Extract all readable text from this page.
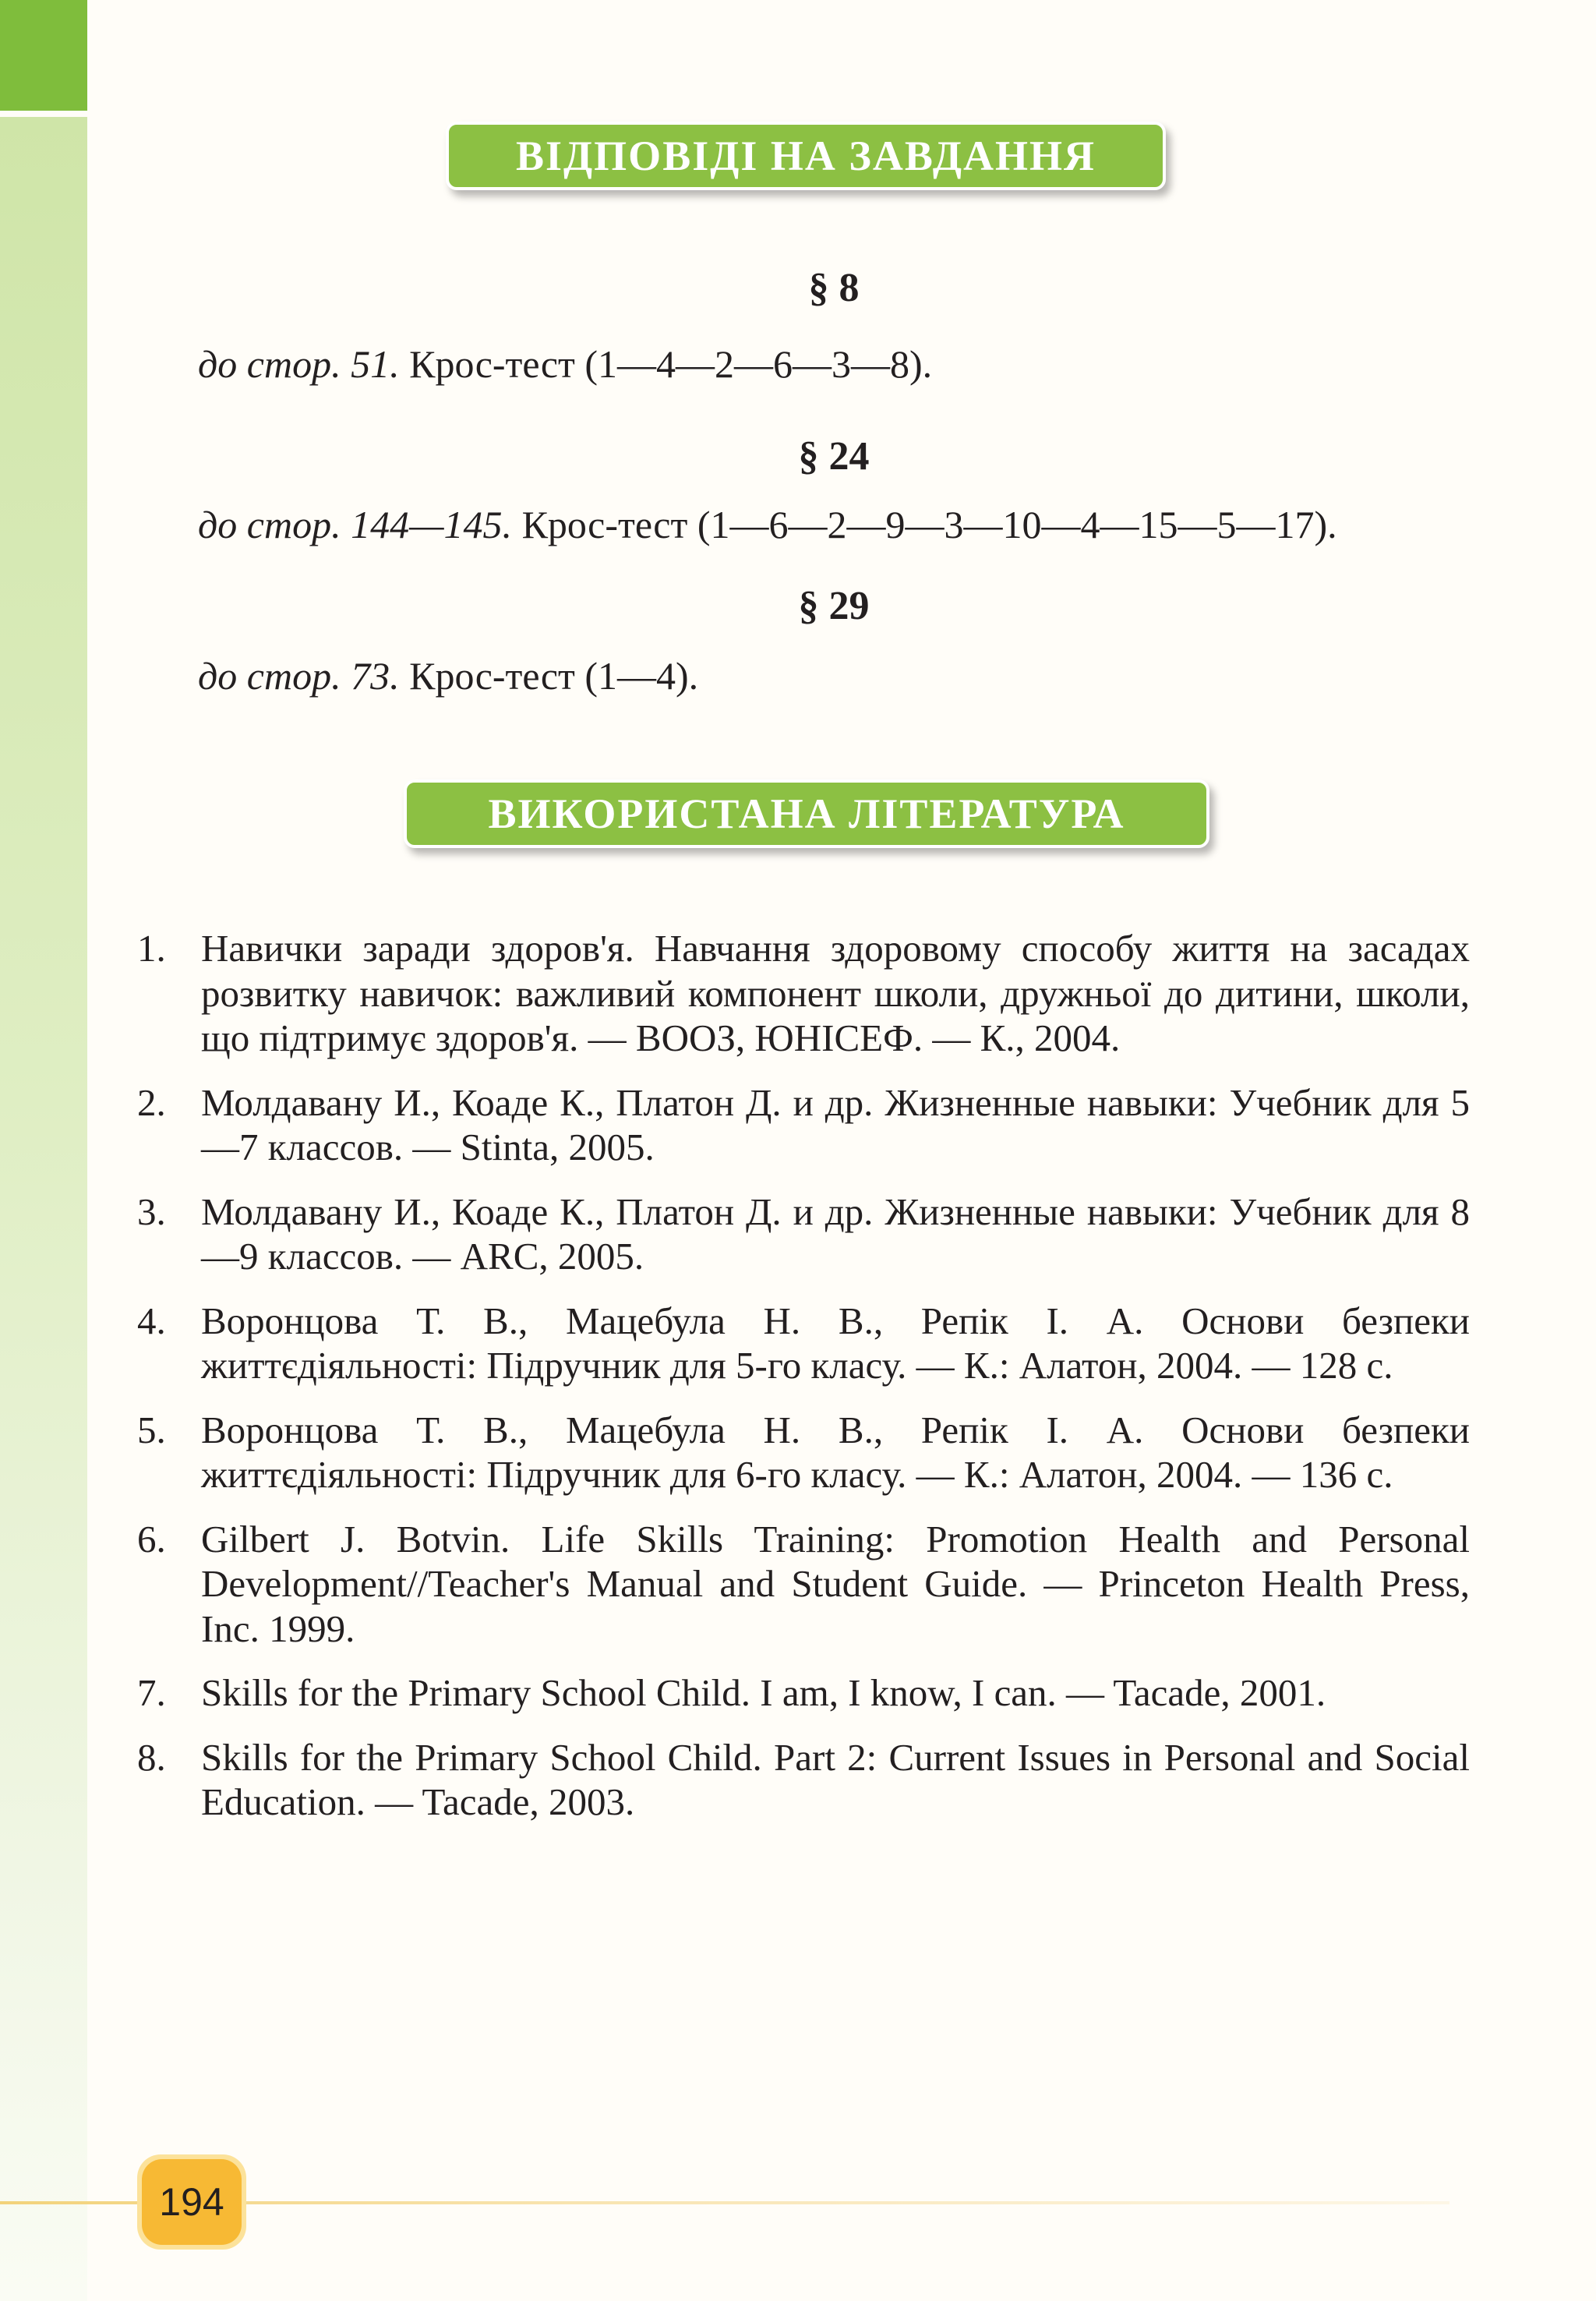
ВІДПОВІДІ НА ЗАВДАННЯ
§ 8
до стор. 51. Крос-тест (1—4—2—6—3—8).
§ 24
до стор. 144—145. Крос-тест (1—6—2—9—3—10—4—15—5—17).
§ 29
до стор. 73. Крос-тест (1—4).
ВИКОРИСТАНА ЛІТЕРАТУРА
1. Навички заради здоров'я. Навчання здоровому способу життя на засадах розвитку навичок: важливий компонент школи, дружньої до дитини, школи, що підтримує здоров'я. — ВООЗ, ЮНІСЕФ. — К., 2004.
2. Молдавану И., Коаде К., Платон Д. и др. Жизненные навыки: Учебник для 5—7 классов. — Stinta, 2005.
3. Молдавану И., Коаде К., Платон Д. и др. Жизненные навыки: Учебник для 8—9 классов. — ARC, 2005.
4. Воронцова Т. В., Мацебула Н. В., Репік І. А. Основи безпеки життєдіяльності: Підручник для 5-го класу. — К.: Алатон, 2004. — 128 с.
5. Воронцова Т. В., Мацебула Н. В., Репік І. А. Основи безпеки життєдіяльності: Підручник для 6-го класу. — К.: Алатон, 2004. — 136 с.
6. Gilbert J. Botvin. Life Skills Training: Promotion Health and Personal Development//Teacher's Manual and Student Guide. — Princeton Health Press, Inc. 1999.
7. Skills for the Primary School Child. I am, I know, I can. — Tacade, 2001.
8. Skills for the Primary School Child. Part 2: Current Issues in Personal and Social Education. — Tacade, 2003.
194
